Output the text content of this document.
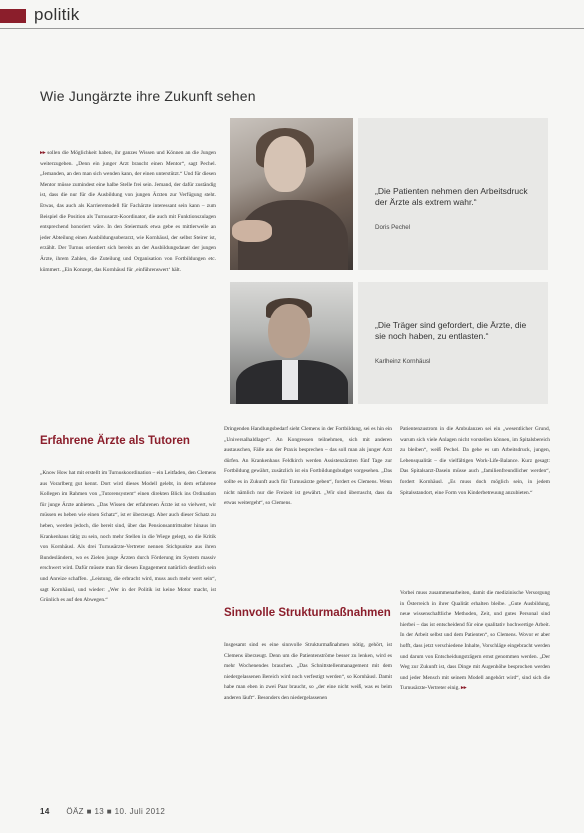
politik
Wie Jungärzte ihre Zukunft sehen

▸▸ sollen die Möglichkeit haben, ihr ganzes Wissen und Können an die Jungen weiterzugeben. „Denn ein junger Arzt braucht einen Mentor“, sagt Pechel. „Jemanden, an den man sich wenden kann, der einen unterstützt.“ Und für diesen Mentor müsse zumindest eine halbe Stelle frei sein. Jemand, der dafür zuständig ist, dass die nur für die Ausbildung von jungen Ärzten zur Verfügung steht. Etwas, das auch als Karrieremodell für Fachärzte interessant sein kann – zum Beispiel die Position als Turnusarzt-Koordinator, die auch mit Funktionszulagen entsprechend honoriert wäre. In den Steiermark etwa gebe es mittlerweile an jeder Abteilung einen Ausbildungsoberarzt, wie Kornhäusl, der selbst Steirer ist, erzählt. Der Turnus orientiert sich bereits an der Ausbildungsdauer der jungen Ärzte, ihrem Zahlen, die Zuteilung und Organisation von Fortbildungen etc. kümmert. „Ein Konzept, das Kornhäusl für ‚einführenswert‘ hält.

Erfahrene Ärzte als Tutoren

„Know How hat mit erstellt im Turnuskoordination – ein Leitfaden, den Clemens aus Vorarlberg gut kennt. Dort wird dieses Modell gelebt, in dem erfahrene Kollegen im Rahmen von „Tutorensystem“ einen direkten Blick ins Ordination für junge Ärzte anbieten. „Das Wissen der erfahrenen Ärzte ist so vielwert, wir müssen es heben wie einen Schatz“, ist er überzeugt. Aber auch dieser Schatz zu heben, werden jedoch, die bereit sind, über das Pensionsantrittsalter hinaus im Krankenhaus tätig zu sein, noch mehr Stellen in die Wiege gelegt, so die Kritik von Kornhäusl. Als drei Turnusärzte-Vertreter nennen Stichpunkte aus ihren Bundesländern, wo es Zielen junge Ärzten durch Förderung im System massiv erschwert wird. Dafür müsste man für diesen Engagement natürlich deutlich sein und Anreize schaffen. „Leistung, die erbracht wird, muss auch mehr wert sein“, sagt Kornhäusl, und wieder: „Wer in der Politik ist keine Motor macht, ist Grünlich es auf den Abwegen.“

„Die Patienten nehmen den Arbeitsdruck der Ärzte als extrem wahr.“
Doris Pechel
„Die Träger sind gefordert, die Ärzte, die sie noch haben, zu entlasten.“
Karlheinz Kornhäusl

Dringenden Handlungsbedarf sieht Clemens in der Fortbildung, sei es hin ein „Universalhaldlager“. An Kongressen teilnehmen, sich mit anderen austauschen, Fälle aus der Praxis besprechen – das soll man als junger Arzt dürfen. An Krankenhaus Feldkirch werden Assistenzärzten fünf Tage zur Fortbildung gewährt, zusätzlich ist ein Fortbildungsbudget vorgesehen. „Das sollte es in Zukunft auch für Turnusärzte geben“, fordert es Clemens. Wenn nicht nämlich nur die Freizeit ist gewährt. „Wir sind überrascht, dass da etwas weitergeht“, so Clemens.

Sinnvolle Strukturmaßnahmen

Insgesamt sind es eine sinnvolle Strukturmaßnahmen nötig, gehört, ist Clemens überzeugt. Denn um die Patientenströme besser zu lenken, wird es mehr Wochenendes brauchen. „Das Schnittstellenmanagement mit dem niedergelassenen Bereich wird noch verfestigt werden“, so Kornhäusl. Damit habe man eben in zwei Paar braucht, so „der eine nicht weiß, was es beim anderen läuft“. Besonders den niedergelassenen

Patientenzustrom in die Ambulanzen sei ein „wesentlicher Grund, warum sich viele Anlagen nicht vorstellen können, im Spitalsbereich zu bleiben“, weiß Pechel. Da gehe es um Arbeitsdruck, jungen, Lebensqualität – die vielfältigen Work-Life-Balance. Kurz gesagt: Das Spitalsarzt-Dasein müsse auch „familienfreundlicher werden“, fordert Kornhäusl. „Es muss doch möglich sein, in jedem Spitalsstandort, eine Form von Kinderbetreuung anzubieten.“

Vorbei muss zusammenarbeiten, damit die medizinische Versorgung in Österreich in ihrer Qualität erhalten bleibe. „Gute Ausbildung, neue wissenschaftliche Methoden, Zeit, und gutes Personal sind hierbei – das ist entscheidend für eine qualitativ hochwertige Arbeit. In der Arbeit selbst und dem Patienten“, so Clemens. Wovor er aber hofft, dass jetzt verschiedene Inhalte, Vorschläge eingebracht werden und darum von Entscheidungsträgern ernst genommen werden. „Der Weg zur Zukunft ist, dass Dinge mit Augenhöhe besprochen werden und jeder Mensch mit seinem Modell angehört wird“, sind sich die Turnusärzte-Vertreter einig. ▸▸

14 ÖÄZ ■ 13 ■ 10. Juli 2012
